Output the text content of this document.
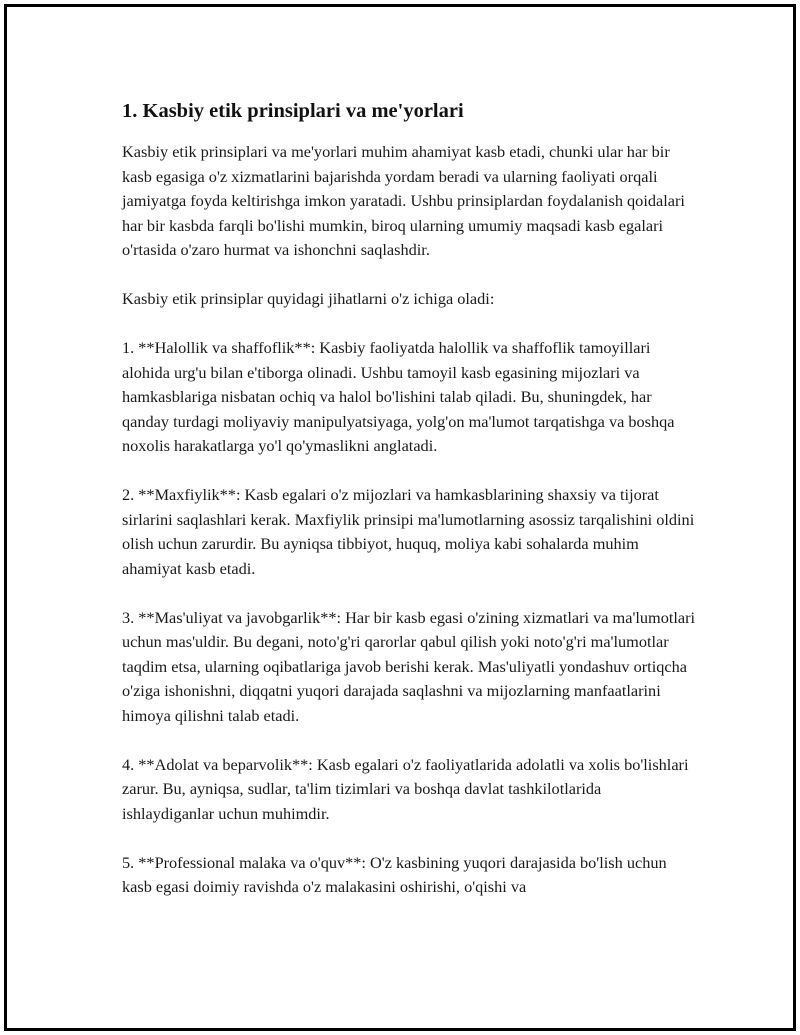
1. Kasbiy etik prinsiplari va me'yorlari

Kasbiy etik prinsiplari va me'yorlari muhim ahamiyat kasb etadi, chunki ular har bir kasb egasiga o'z xizmatlarini bajarishda yordam beradi va ularning faoliyati orqali jamiyatga foyda keltirishga imkon yaratadi. Ushbu prinsiplardan foydalanish qoidalari har bir kasbda farqli bo'lishi mumkin, biroq ularning umumiy maqsadi kasb egalari o'rtasida o'zaro hurmat va ishonchni saqlashdir.

Kasbiy etik prinsiplar quyidagi jihatlarni o'z ichiga oladi:

1. **Halollik va shaffoflik**: Kasbiy faoliyatda halollik va shaffoflik tamoyillari alohida urg'u bilan e'tiborga olinadi. Ushbu tamoyil kasb egasining mijozlari va hamkasblariga nisbatan ochiq va halol bo'lishini talab qiladi. Bu, shuningdek, har qanday turdagi moliyaviy manipulyatsiyaga, yolg'on ma'lumot tarqatishga va boshqa noxolis harakatlarga yo'l qo'ymaslikni anglatadi.

2. **Maxfiylik**: Kasb egalari o'z mijozlari va hamkasblarining shaxsiy va tijorat sirlarini saqlashlari kerak. Maxfiylik prinsipi ma'lumotlarning asossiz tarqalishini oldini olish uchun zarurdir. Bu ayniqsa tibbiyot, huquq, moliya kabi sohalarda muhim ahamiyat kasb etadi.

3. **Mas'uliyat va javobgarlik**: Har bir kasb egasi o'zining xizmatlari va ma'lumotlari uchun mas'uldir. Bu degani, noto'g'ri qarorlar qabul qilish yoki noto'g'ri ma'lumotlar taqdim etsa, ularning oqibatlariga javob berishi kerak. Mas'uliyatli yondashuv ortiqcha o'ziga ishonishni, diqqatni yuqori darajada saqlashni va mijozlarning manfaatlarini himoya qilishni talab etadi.

4. **Adolat va beparvolik**: Kasb egalari o'z faoliyatlarida adolatli va xolis bo'lishlari zarur. Bu, ayniqsa, sudlar, ta'lim tizimlari va boshqa davlat tashkilotlarida ishlaydiganlar uchun muhimdir.

5. **Professional malaka va o'quv**: O'z kasbining yuqori darajasida bo'lish uchun kasb egasi doimiy ravishda o'z malakasini oshirishi, o'qishi va
